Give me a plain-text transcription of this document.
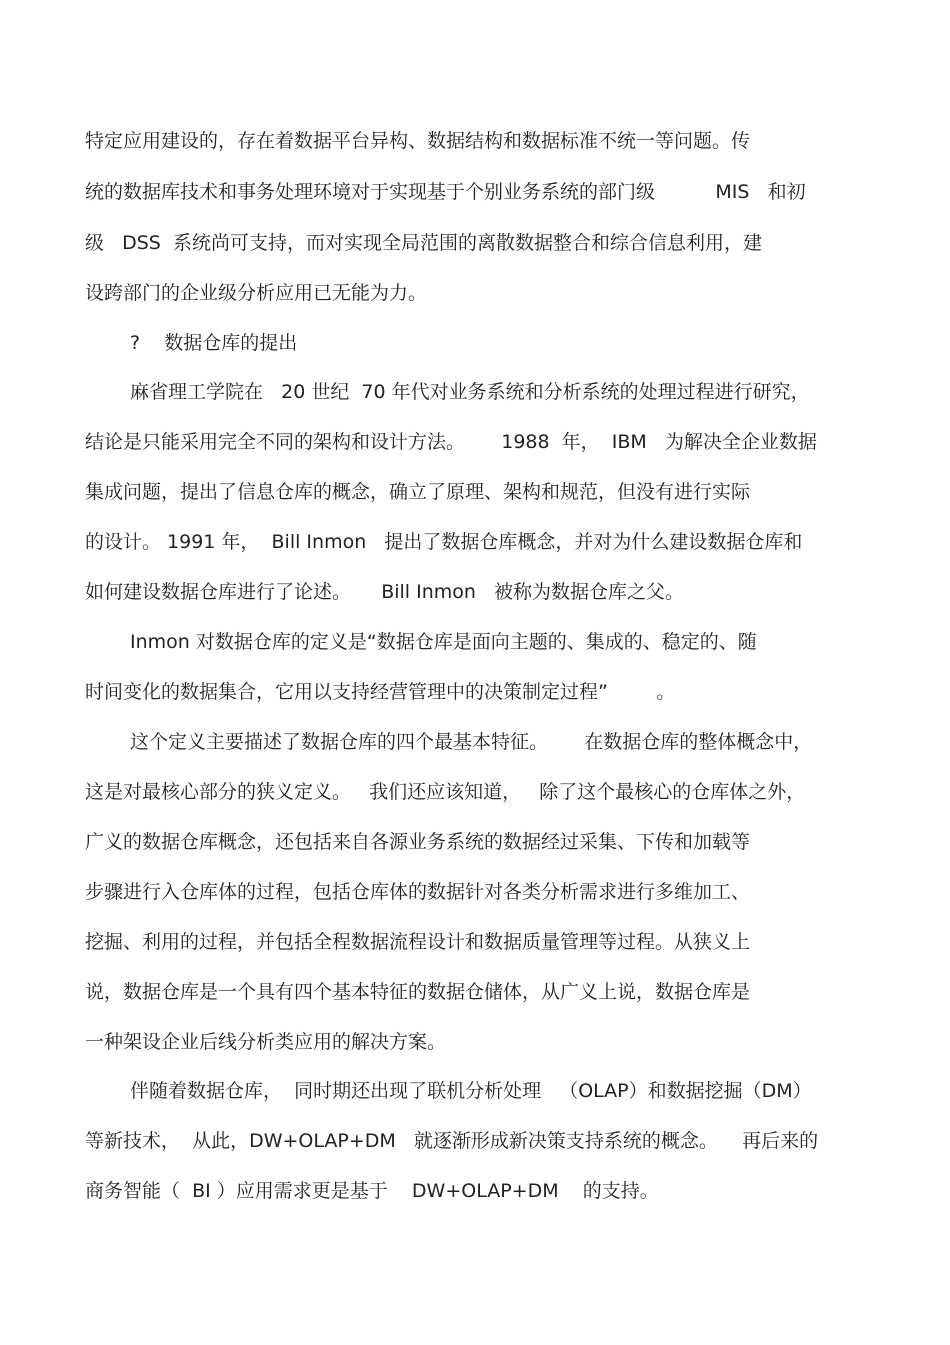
特定应用建设的，存在着数据平台异构、数据结构和数据标准不统一等问题。传

统的数据库技术和事务处理环境对于实现基于个别业务系统的部门级          MIS   和初

级   DSS  系统尚可支持，而对实现全局范围的离散数据整合和综合信息利用，建

设跨部门的企业级分析应用已无能为力。

?    数据仓库的提出

麻省理工学院在   20 世纪  70 年代对业务系统和分析系统的处理过程进行研究，

结论是只能采用完全不同的架构和设计方法。      1988  年，  IBM   为解决全企业数据

集成问题，提出了信息仓库的概念，确立了原理、架构和规范，但没有进行实际

的设计。 1991 年，  Bill Inmon   提出了数据仓库概念，并对为什么建设数据仓库和

如何建设数据仓库进行了论述。     Bill Inmon   被称为数据仓库之父。

Inmon 对数据仓库的定义是“数据仓库是面向主题的、集成的、稳定的、随

时间变化的数据集合，它用以支持经营管理中的决策制定过程”        。

这个定义主要描述了数据仓库的四个最基本特征。      在数据仓库的整体概念中，

这是对最核心部分的狭义定义。   我们还应该知道，   除了这个最核心的仓库体之外，

广义的数据仓库概念，还包括来自各源业务系统的数据经过采集、下传和加载等

步骤进行入仓库体的过程，包括仓库体的数据针对各类分析需求进行多维加工、

挖掘、利用的过程，并包括全程数据流程设计和数据质量管理等过程。从狭义上

说，数据仓库是一个具有四个基本特征的数据仓储体，从广义上说，数据仓库是

一种架设企业后线分析类应用的解决方案。

伴随着数据仓库，  同时期还出现了联机分析处理   （OLAP）和数据挖掘（DM）

等新技术，  从此，DW+OLAP+DM   就逐渐形成新决策支持系统的概念。    再后来的

商务智能（  BI ）应用需求更是基于    DW+OLAP+DM    的支持。
